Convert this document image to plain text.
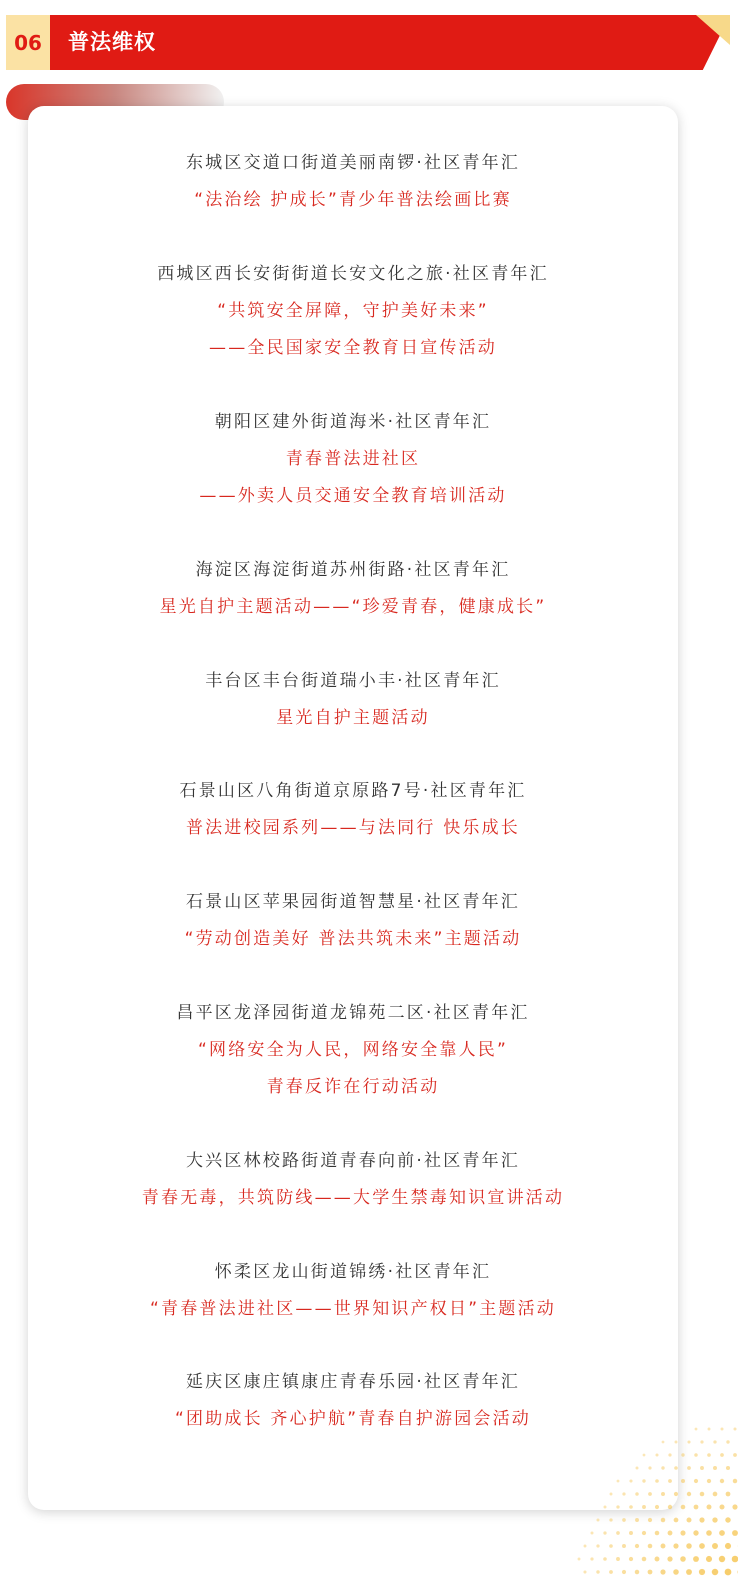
06 普法维权
东城区交道口街道美丽南锣·社区青年汇
“法治绘 护成长”青少年普法绘画比赛
西城区西长安街街道长安文化之旅·社区青年汇
“共筑安全屏障，守护美好未来”
——全民国家安全教育日宣传活动
朝阳区建外街道海米·社区青年汇
青春普法进社区
——外卖人员交通安全教育培训活动
海淀区海淀街道苏州街路·社区青年汇
星光自护主题活动——“珍爱青春，健康成长”
丰台区丰台街道瑞小丰·社区青年汇
星光自护主题活动
石景山区八角街道京原路7号·社区青年汇
普法进校园系列——与法同行 快乐成长
石景山区苹果园街道智慧星·社区青年汇
“劳动创造美好 普法共筑未来”主题活动
昌平区龙泽园街道龙锦苑二区·社区青年汇
“网络安全为人民，网络安全靠人民”
青春反诈在行动活动
大兴区林校路街道青春向前·社区青年汇
青春无毒，共筑防线——大学生禁毒知识宣讲活动
怀柔区龙山街道锦绣·社区青年汇
“青春普法进社区——世界知识产权日”主题活动
延庆区康庄镇康庄青春乐园·社区青年汇
“团助成长 齐心护航”青春自护游园会活动
